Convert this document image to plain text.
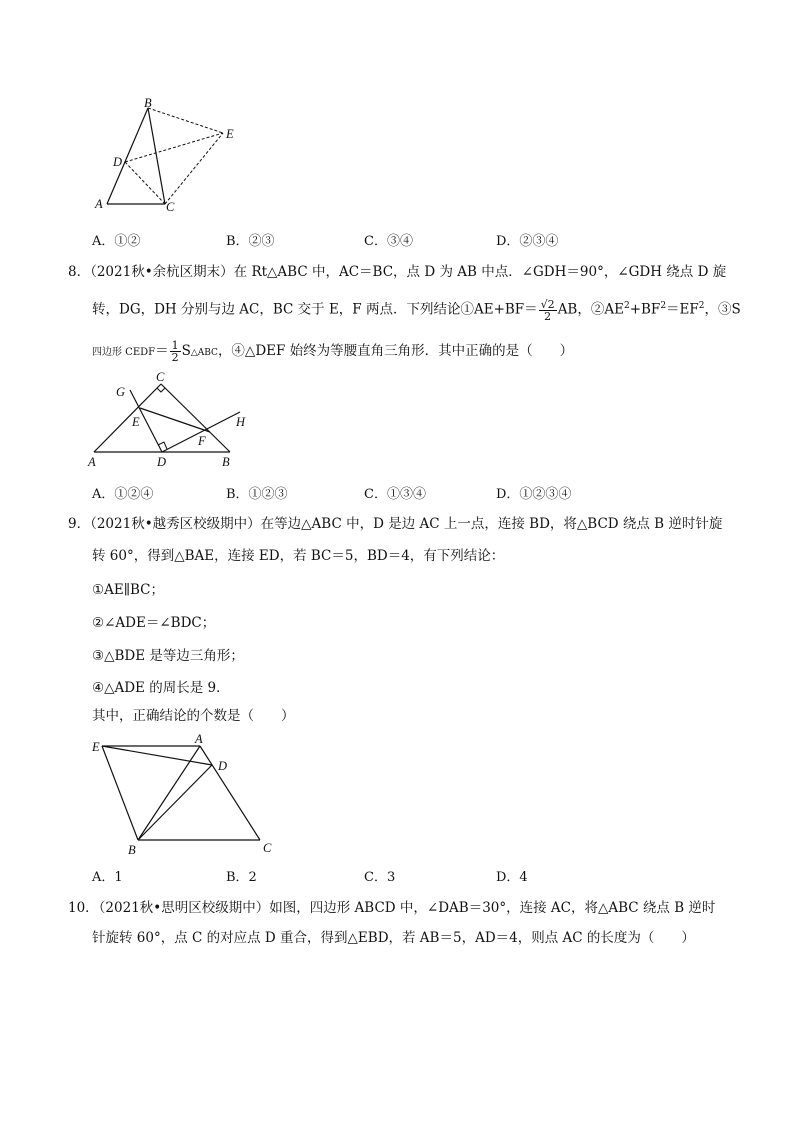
B
E
D
A	C
A．①②	B．②③	C．③④	D．②③④
8．（2021秋•余杭区期末）在 Rt△ABC 中，AC＝BC，点 D 为 AB 中点．∠GDH＝90°，∠GDH 绕点 D 旋
转，DG，DH 分别与边 AC，BC 交于 E，F 两点．下列结论①AE+BF＝ $\frac{√2}{2}$ AB，$②AE^2+BF^2=EF^2$，③S
四边形 CEDF＝ $\frac{1}{2}$ S△ABC，④△DEF 始终为等腰直角三角形．其中正确的是（　　）
G
C
E	H
F
A	D	B
A．①②④	B．①②③	C．①③④	D．①②③④
9．（2021秋•越秀区校级期中）在等边△ABC 中，D 是边 AC 上一点，连接 BD，将△BCD 绕点 B 逆时针旋
转 60°，得到△BAE，连接 ED，若 BC＝5，BD＝4，有下列结论：
①AE∥BC；
②∠ADE＝∠BDC；
③△BDE 是等边三角形；
④△ADE 的周长是 9．
其中，正确结论的个数是（　　）
E
A
D
B	C
A．1	B．2	C．3	D．4
10．（2021秋•思明区校级期中）如图，四边形 ABCD 中，∠DAB＝30°，连接 AC，将△ABC 绕点 B 逆时
针旋转 60°，点 C 的对应点 D 重合，得到△EBD，若 AB＝5，AD＝4，则点 AC 的长度为（　　）
